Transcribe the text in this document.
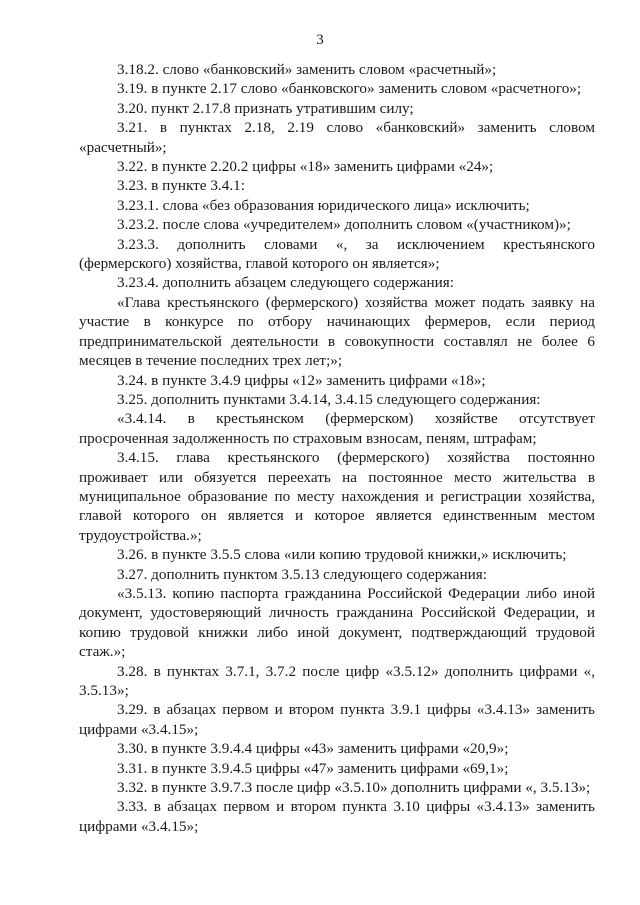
3

3.18.2. слово «банковский» заменить словом «расчетный»;

3.19. в пункте 2.17 слово «банковского» заменить словом «расчетного»;

3.20. пункт 2.17.8 признать утратившим силу;

3.21. в пунктах 2.18, 2.19 слово «банковский» заменить словом «расчетный»;

3.22. в пункте 2.20.2 цифры «18» заменить цифрами «24»;

3.23. в пункте 3.4.1:

3.23.1. слова «без образования юридического лица» исключить;

3.23.2. после слова «учредителем» дополнить словом «(участником)»;

3.23.3. дополнить словами «, за исключением крестьянского (фермерского) хозяйства, главой которого он является»;

3.23.4. дополнить абзацем следующего содержания:

«Глава крестьянского (фермерского) хозяйства может подать заявку на участие в конкурсе по отбору начинающих фермеров, если период предпринимательской деятельности в совокупности составлял не более 6 месяцев в течение последних трех лет;»;

3.24. в пункте 3.4.9 цифры «12» заменить цифрами «18»;

3.25. дополнить пунктами 3.4.14, 3.4.15 следующего содержания:

«3.4.14. в крестьянском (фермерском) хозяйстве отсутствует просроченная задолженность по страховым взносам, пеням, штрафам;

3.4.15. глава крестьянского (фермерского) хозяйства постоянно проживает или обязуется переехать на постоянное место жительства в муниципальное образование по месту нахождения и регистрации хозяйства, главой которого он является и которое является единственным местом трудоустройства.»;

3.26. в пункте 3.5.5 слова «или копию трудовой книжки,» исключить;

3.27. дополнить пунктом 3.5.13 следующего содержания:

«3.5.13. копию паспорта гражданина Российской Федерации либо иной документ, удостоверяющий личность гражданина Российской Федерации, и копию трудовой книжки либо иной документ, подтверждающий трудовой стаж.»;

3.28. в пунктах 3.7.1, 3.7.2 после цифр «3.5.12» дополнить цифрами «, 3.5.13»;

3.29. в абзацах первом и втором пункта 3.9.1 цифры «3.4.13» заменить цифрами «3.4.15»;

3.30. в пункте 3.9.4.4 цифры «43» заменить цифрами «20,9»;

3.31. в пункте 3.9.4.5 цифры «47» заменить цифрами «69,1»;

3.32. в пункте 3.9.7.3 после цифр «3.5.10» дополнить цифрами «, 3.5.13»;

3.33. в абзацах первом и втором пункта 3.10 цифры «3.4.13» заменить цифрами «3.4.15»;
